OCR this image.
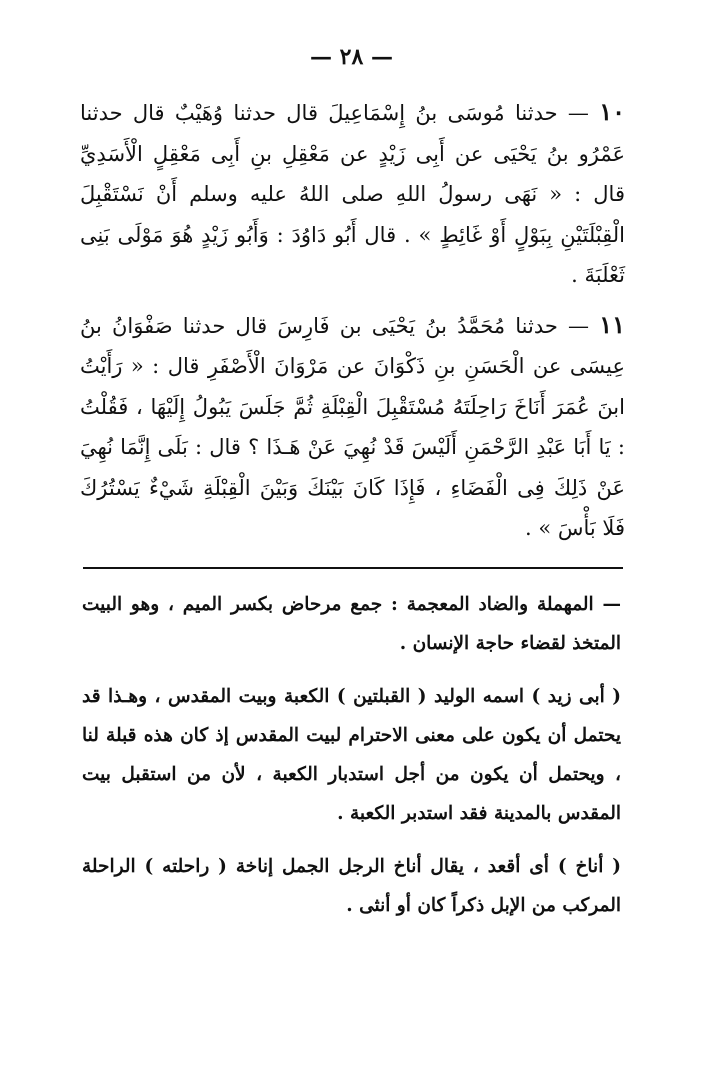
— ٢٨ —

١٠ — حدثنا مُوسَى بنُ إِسْمَاعِيلَ قال حدثنا وُهَيْبٌ قال حدثنا عَمْرُو بنُ يَحْيَى عن أَبِى زَيْدٍ عن مَعْقِلِ بنِ أَبِى مَعْقِلٍ الْأَسَدِيِّ قال : « نَهَى رسولُ اللهِ صلى اللهُ عليه وسلم أَنْ نَسْتَقْبِلَ الْقِبْلَتَيْنِ بِبَوْلٍ أَوْ غَائِطٍ » . قال أَبُو دَاوُدَ : وَأَبُو زَيْدٍ هُوَ مَوْلَى بَنِى ثَعْلَبَةَ .

١١ — حدثنا مُحَمَّدُ بنُ يَحْيَى بن فَارِسَ قال حدثنا صَفْوَانُ بنُ عِيسَى عن الْحَسَنِ بنِ ذَكْوَانَ عن مَرْوَانَ الْأَصْفَرِ قال : « رَأَيْتُ ابنَ عُمَرَ أَنَاخَ رَاحِلَتَهُ مُسْتَقْبِلَ الْقِبْلَةِ ثُمَّ جَلَسَ يَبُولُ إِلَيْهَا ، فَقُلْتُ : يَا أَبَا عَبْدِ الرَّحْمَنِ أَلَيْسَ قَدْ نُهِيَ عَنْ هَـذَا ؟ قال : بَلَى إِنَّمَا نُهِيَ عَنْ ذَلِكَ فِى الْفَضَاءِ ، فَإِذَا كَانَ بَيْنَكَ وَبَيْنَ الْقِبْلَةِ شَيْءٌ يَسْتُرُكَ فَلَا بَأْسَ » .

— المهملة والضاد المعجمة : جمع مرحاض بكسر الميم ، وهو البيت المتخذ لقضاء حاجة الإنسان .

( أبى زيد ) اسمه الوليد ( القبلتين ) الكعبة وبيت المقدس ، وهـذا قد يحتمل أن يكون على معنى الاحترام لبيت المقدس إذ كان هذه قبلة لنا ، ويحتمل أن يكون من أجل استدبار الكعبة ، لأن من استقبل بيت المقدس بالمدينة فقد استدبر الكعبة .

( أناخ ) أى أقعد ، يقال أناخ الرجل الجمل إناخة ( راحلته ) الراحلة المركب من الإبل ذكراً كان أو أنثى .
